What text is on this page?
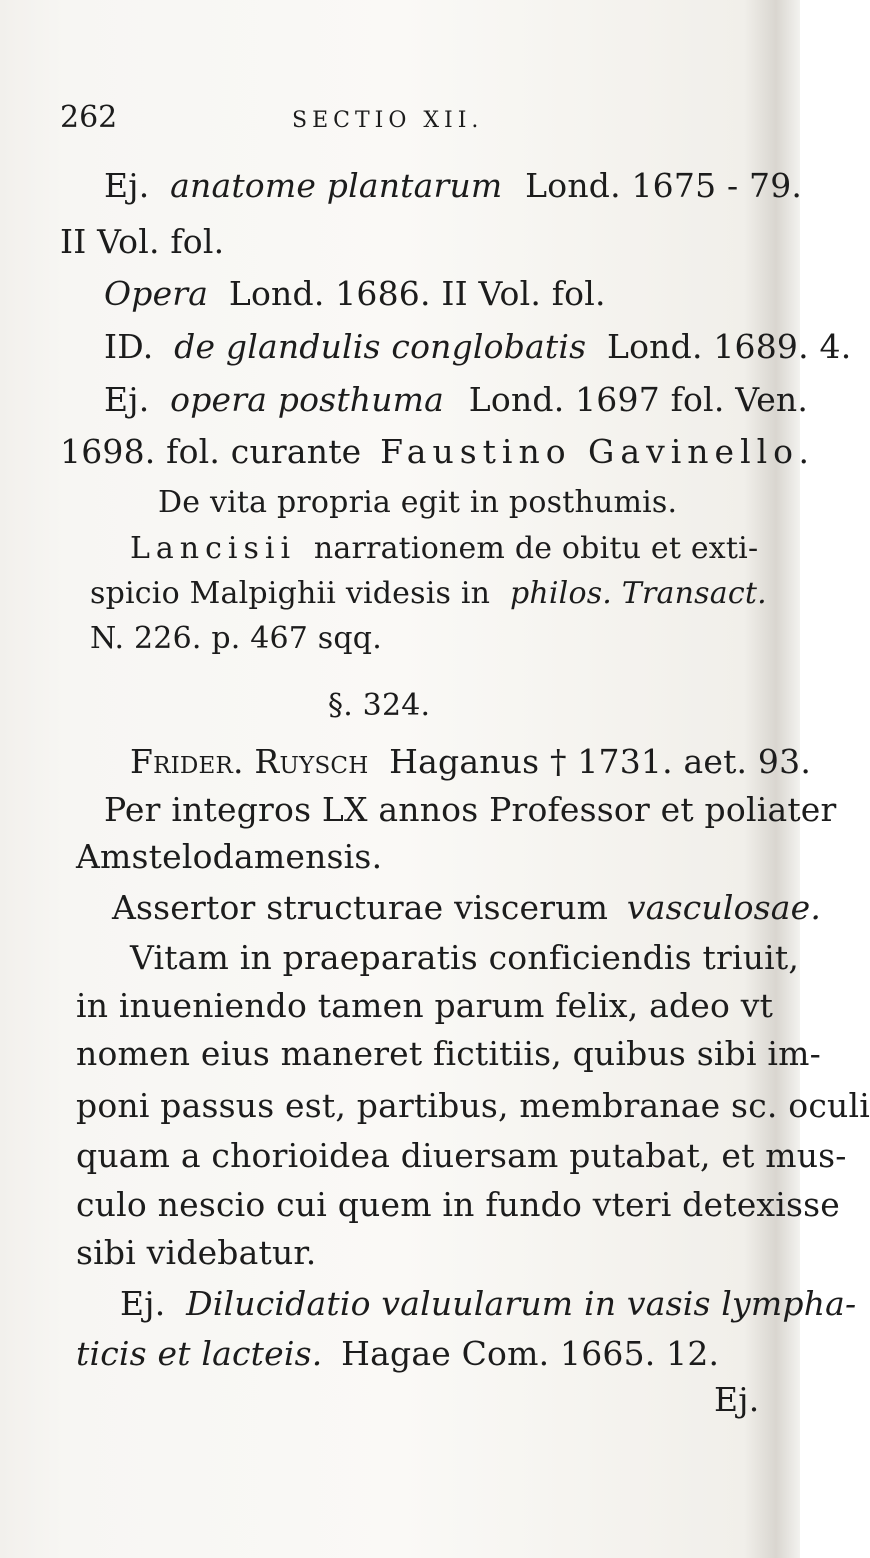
262	SECTIO XII.
Ej. anatome plantarum Lond. 1675 - 79.
II Vol. fol.
Opera Lond. 1686. II Vol. fol.
ID. de glandulis conglobatis Lond. 1689. 4.
Ej. opera posthuma Lond. 1697 fol. Ven.
1698. fol. curante Faustino Gavinello.
De vita propria egit in posthumis.
Lancisii narrationem de obitu et exti-
spicio Malpighii videsis in philos. Transact.
N. 226. p. 467 sqq.
§. 324.
Frider. Ruysch Haganus † 1731. aet. 93.
Per integros LX annos Professor et poliater
Amstelodamensis.
Assertor structurae viscerum vasculosae.
Vitam in praeparatis conficiendis triuit,
in inueniendo tamen parum felix, adeo vt
nomen eius maneret fictitiis, quibus sibi im-
poni passus est, partibus, membranae sc. oculi
quam a chorioidea diuersam putabat, et mus-
culo nescio cui quem in fundo vteri detexisse
sibi videbatur.
Ej. Dilucidatio valuularum in vasis lympha-
ticis et lacteis. Hagae Com. 1665. 12.
Ej.
